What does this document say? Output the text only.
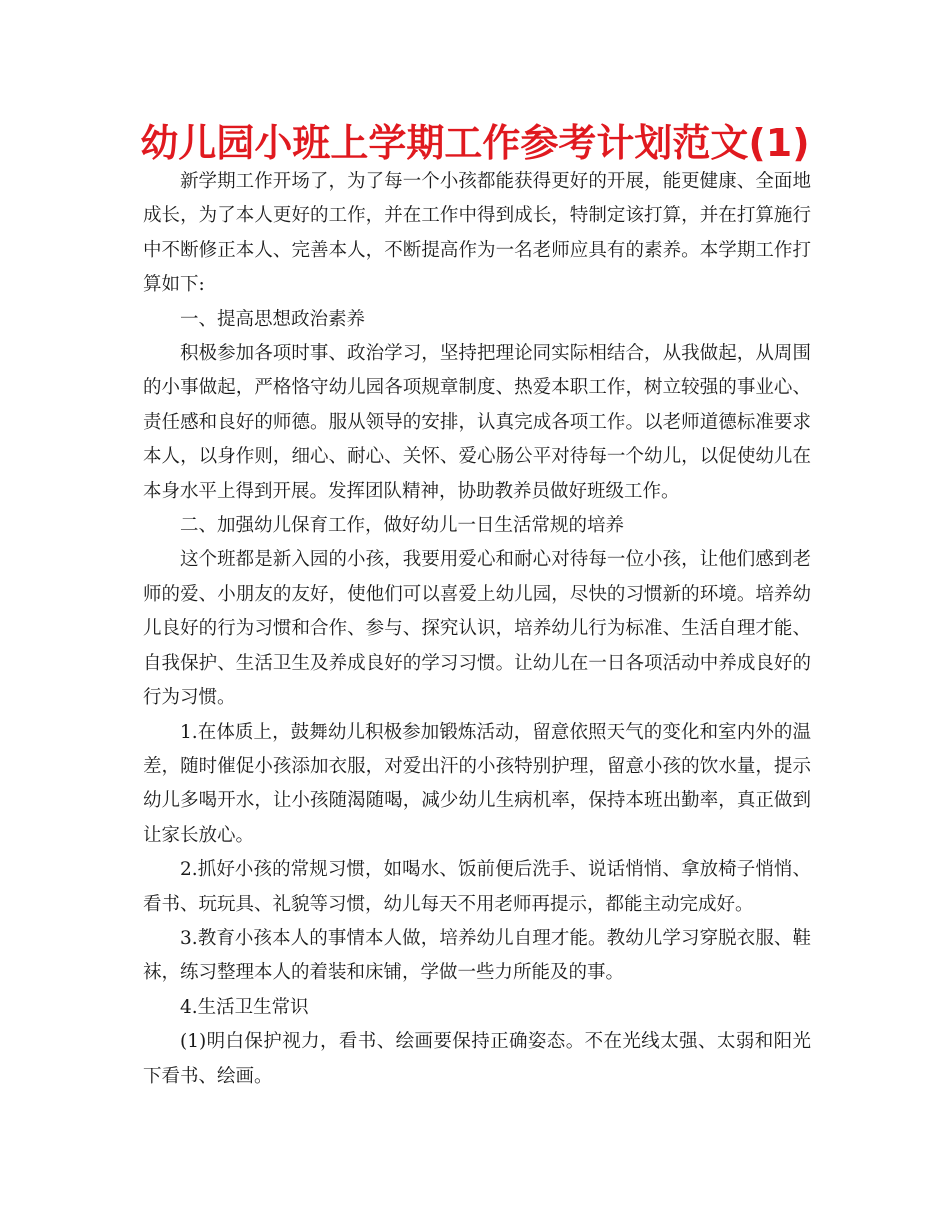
幼儿园小班上学期工作参考计划范文(1)

新学期工作开场了，为了每一个小孩都能获得更好的开展，能更健康、全面地成长，为了本人更好的工作，并在工作中得到成长，特制定该打算，并在打算施行中不断修正本人、完善本人，不断提高作为一名老师应具有的素养。本学期工作打算如下:

一、提高思想政治素养

积极参加各项时事、政治学习，坚持把理论同实际相结合，从我做起，从周围的小事做起，严格恪守幼儿园各项规章制度、热爱本职工作，树立较强的事业心、责任感和良好的师德。服从领导的安排，认真完成各项工作。以老师道德标准要求本人，以身作则，细心、耐心、关怀、爱心肠公平对待每一个幼儿，以促使幼儿在本身水平上得到开展。发挥团队精神，协助教养员做好班级工作。

二、加强幼儿保育工作，做好幼儿一日生活常规的培养

这个班都是新入园的小孩，我要用爱心和耐心对待每一位小孩，让他们感到老师的爱、小朋友的友好，使他们可以喜爱上幼儿园，尽快的习惯新的环境。培养幼儿良好的行为习惯和合作、参与、探究认识，培养幼儿行为标准、生活自理才能、自我保护、生活卫生及养成良好的学习习惯。让幼儿在一日各项活动中养成良好的行为习惯。

1.在体质上，鼓舞幼儿积极参加锻炼活动，留意依照天气的变化和室内外的温差，随时催促小孩添加衣服，对爱出汗的小孩特别护理，留意小孩的饮水量，提示幼儿多喝开水，让小孩随渴随喝，减少幼儿生病机率，保持本班出勤率，真正做到让家长放心。

2.抓好小孩的常规习惯，如喝水、饭前便后洗手、说话悄悄、拿放椅子悄悄、看书、玩玩具、礼貌等习惯，幼儿每天不用老师再提示，都能主动完成好。

3.教育小孩本人的事情本人做，培养幼儿自理才能。教幼儿学习穿脱衣服、鞋袜，练习整理本人的着装和床铺，学做一些力所能及的事。

4.生活卫生常识

(1)明白保护视力，看书、绘画要保持正确姿态。不在光线太强、太弱和阳光下看书、绘画。
